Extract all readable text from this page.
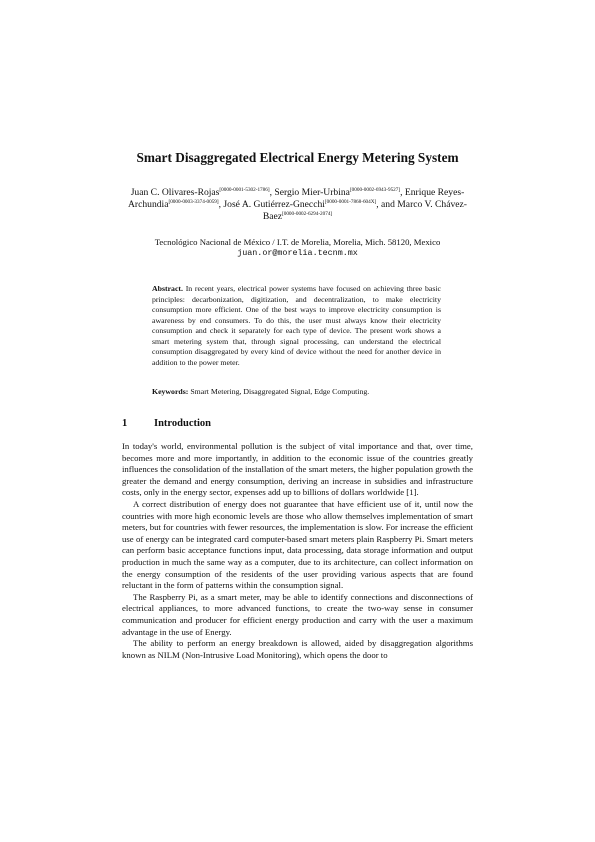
Smart Disaggregated Electrical Energy Metering System
Juan C. Olivares-Rojas[0000-0001-5302-1786], Sergio Mier-Urbina[0000-0002-6943-9527], Enrique Reyes-Archundia[0000-0003-3374-0059], José A. Gutiérrez-Gnecchi[0000-0001-7868-604X], and Marco V. Chávez-Baez[0000-0002-6294-2074]
Tecnológico Nacional de México / I.T. de Morelia, Morelia, Mich. 58120, Mexico
juan.or@morelia.tecnm.mx
Abstract. In recent years, electrical power systems have focused on achieving three basic principles: decarbonization, digitization, and decentralization, to make electricity consumption more efficient. One of the best ways to improve electricity consumption is awareness by end consumers. To do this, the user must always know their electricity consumption and check it separately for each type of device. The present work shows a smart metering system that, through signal processing, can understand the electrical consumption disaggregated by every kind of device without the need for another device in addition to the power meter.
Keywords: Smart Metering, Disaggregated Signal, Edge Computing.
1	Introduction

In today's world, environmental pollution is the subject of vital importance and that, over time, becomes more and more importantly, in addition to the economic issue of the countries greatly influences the consolidation of the installation of the smart meters, the higher population growth the greater the demand and energy consumption, deriving an increase in subsidies and infrastructure costs, only in the energy sector, expenses add up to billions of dollars worldwide [1].

A correct distribution of energy does not guarantee that have efficient use of it, until now the countries with more high economic levels are those who allow themselves implementation of smart meters, but for countries with fewer resources, the implementation is slow. For increase the efficient use of energy can be integrated card computer-based smart meters plain Raspberry Pi. Smart meters can perform basic acceptance functions input, data processing, data storage information and output production in much the same way as a computer, due to its architecture, can collect information on the energy consumption of the residents of the user providing various aspects that are found reluctant in the form of patterns within the consumption signal.

The Raspberry Pi, as a smart meter, may be able to identify connections and disconnections of electrical appliances, to more advanced functions, to create the two-way sense in consumer communication and producer for efficient energy production and carry with the user a maximum advantage in the use of Energy.

The ability to perform an energy breakdown is allowed, aided by disaggregation algorithms known as NILM (Non-Intrusive Load Monitoring), which opens the door to
